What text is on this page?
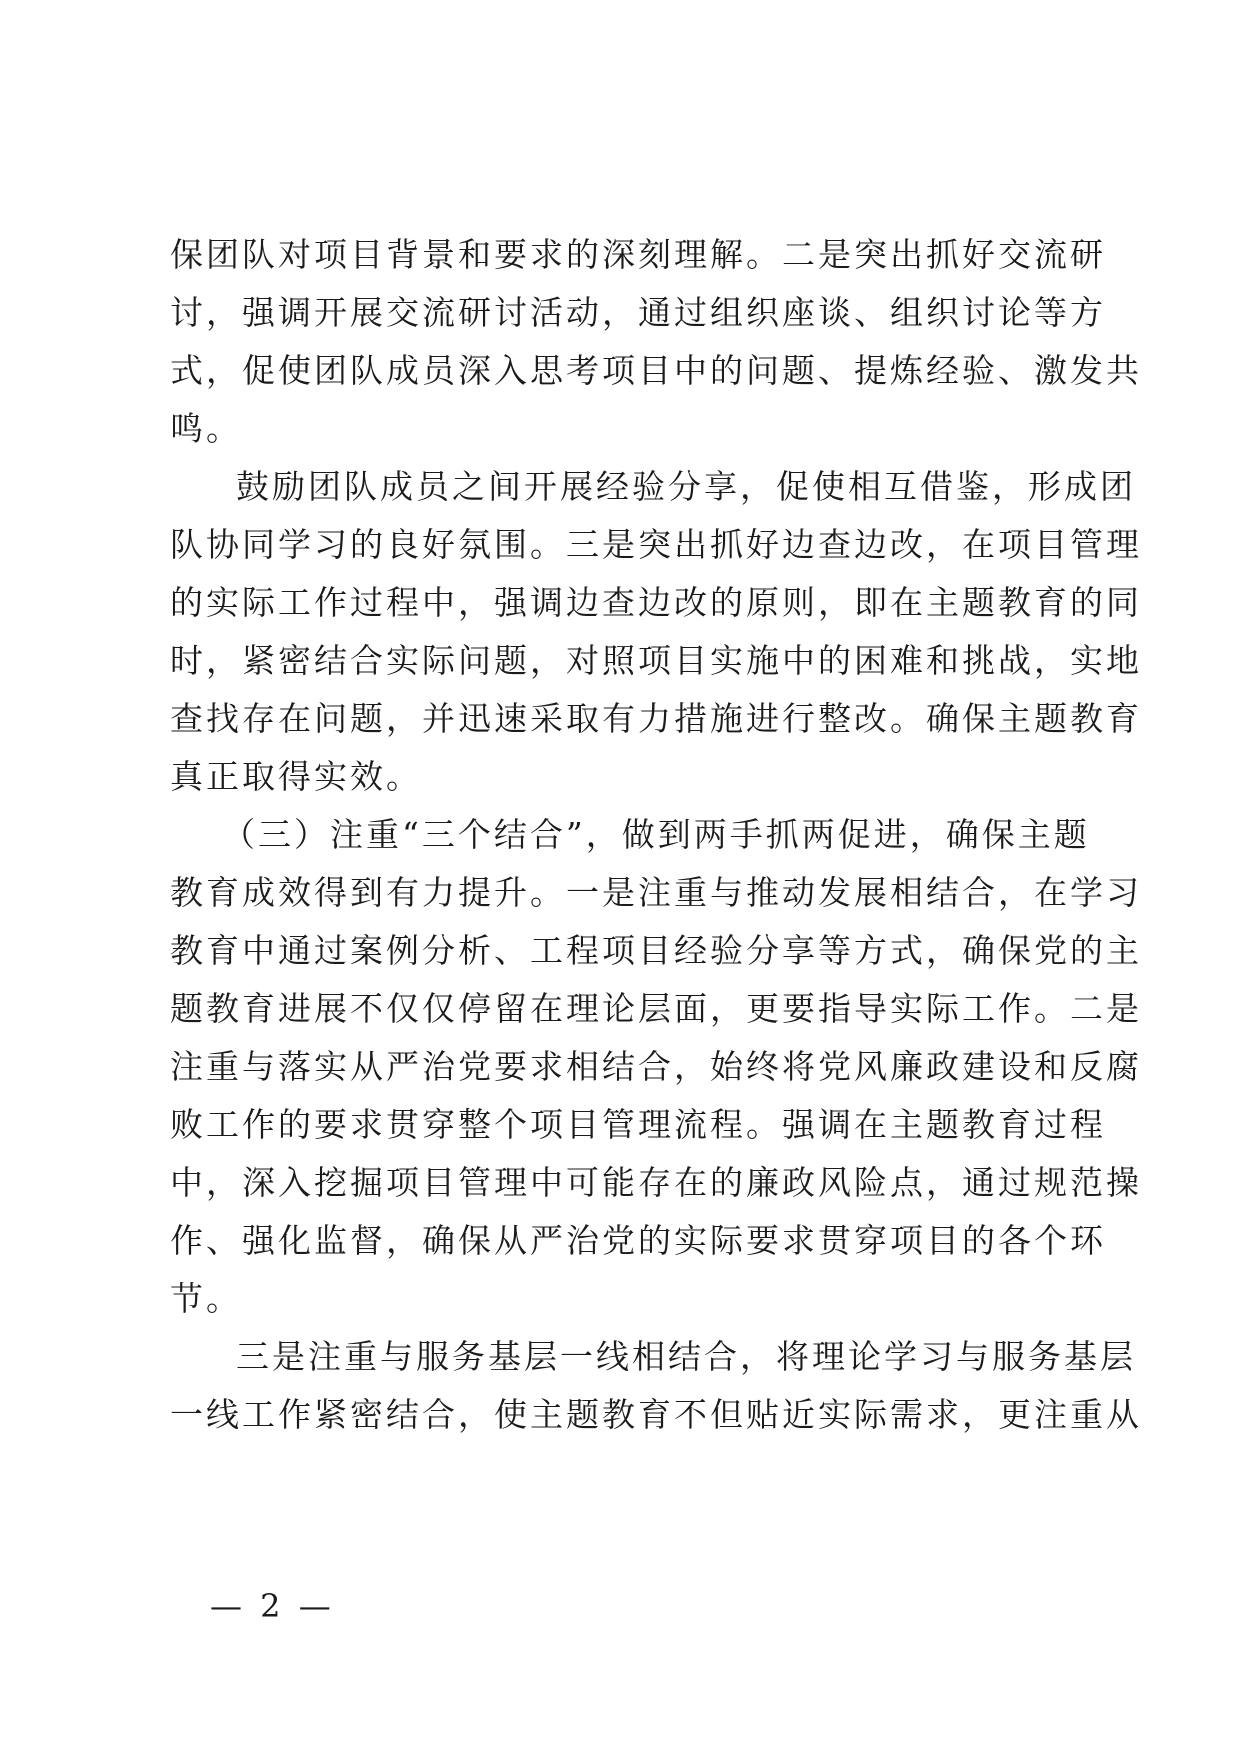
保团队对项目背景和要求的深刻理解。二是突出抓好交流研
讨，强调开展交流研讨活动，通过组织座谈、组织讨论等方
式，促使团队成员深入思考项目中的问题、提炼经验、激发共
鸣。

鼓励团队成员之间开展经验分享，促使相互借鉴，形成团
队协同学习的良好氛围。三是突出抓好边查边改，在项目管理
的实际工作过程中，强调边查边改的原则，即在主题教育的同
时，紧密结合实际问题，对照项目实施中的困难和挑战，实地
查找存在问题，并迅速采取有力措施进行整改。确保主题教育
真正取得实效。

（三）注重“三个结合”，做到两手抓两促进，确保主题
教育成效得到有力提升。一是注重与推动发展相结合，在学习
教育中通过案例分析、工程项目经验分享等方式，确保党的主
题教育进展不仅仅停留在理论层面，更要指导实际工作。二是
注重与落实从严治党要求相结合，始终将党风廉政建设和反腐
败工作的要求贯穿整个项目管理流程。强调在主题教育过程
中，深入挖掘项目管理中可能存在的廉政风险点，通过规范操
作、强化监督，确保从严治党的实际要求贯穿项目的各个环
节。

三是注重与服务基层一线相结合，将理论学习与服务基层
一线工作紧密结合，使主题教育不但贴近实际需求，更注重从

— 2 —
